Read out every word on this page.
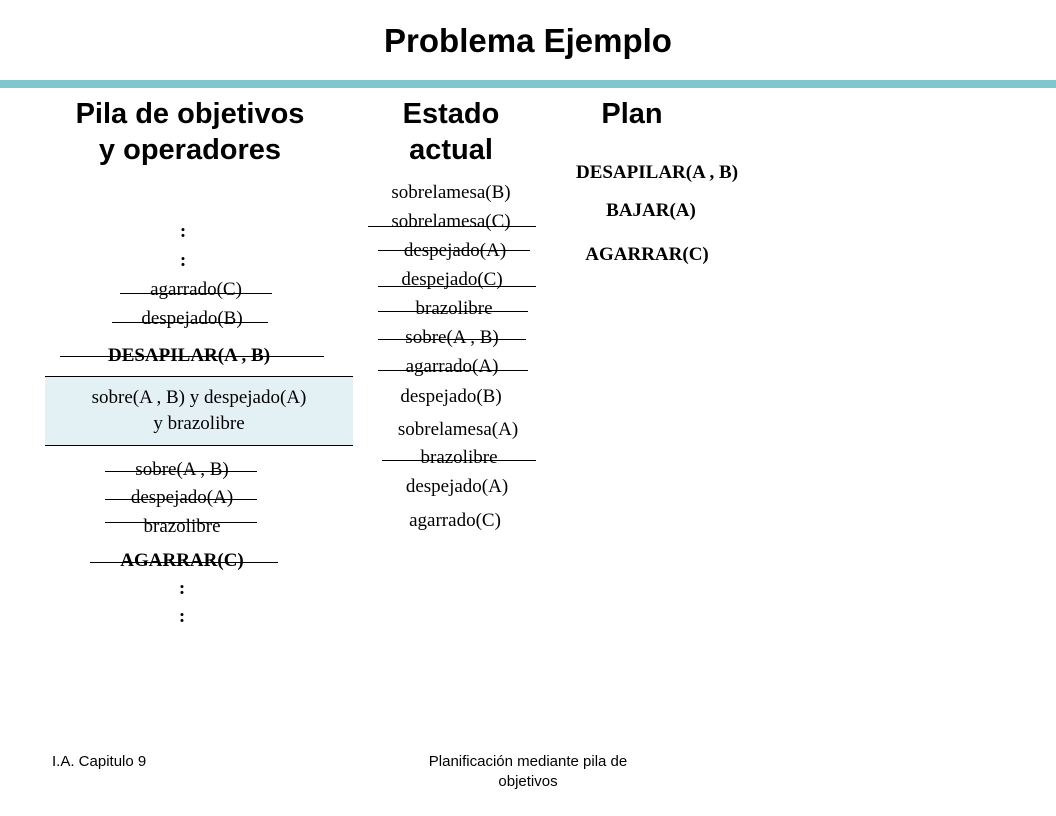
Problema Ejemplo
Pila de objetivos
y operadores
Estado
actual
Plan
:
:
agarrado(C)
despejado(B)
DESAPILAR(A , B)
sobre(A , B) y despejado(A)
y brazolibre
sobre(A , B)
despejado(A)
brazolibre
AGARRAR(C)
:
:
sobrelamesa(B)
sobrelamesa(C)
despejado(A)
despejado(C)
brazolibre
sobre(A , B)
agarrado(A)
despejado(B)
sobrelamesa(A)
brazolibre
despejado(A)
agarrado(C)
DESAPILAR(A , B)
BAJAR(A)
AGARRAR(C)
I.A. Capitulo 9	Planificación mediante pila de
objetivos
